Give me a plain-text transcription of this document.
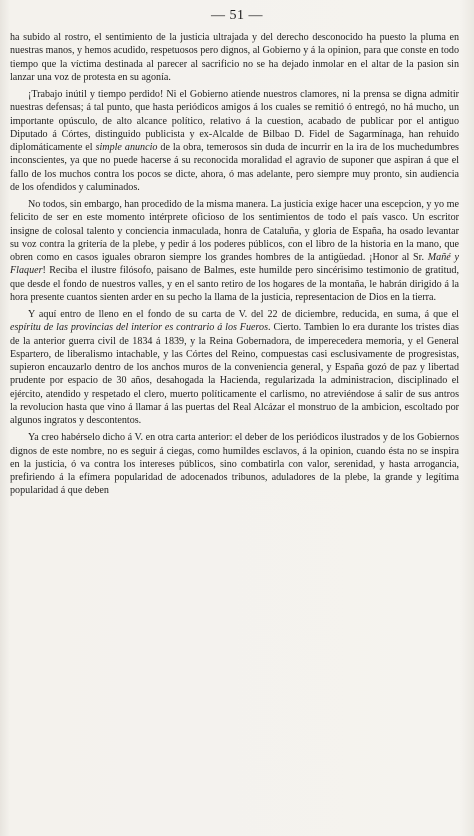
— 51 —

ha subido al rostro, el sentimiento de la justicia ultrajada y del derecho desconocido ha puesto la pluma en nuestras manos, y hemos acudido, respetuosos pero dignos, al Gobierno y á la opinion, para que conste en todo tiempo que la víctima destinada al parecer al sacrificio no se ha dejado inmolar en el altar de la pasion sin lanzar una voz de protesta en su agonía.

¡Trabajo inútil y tiempo perdido! Ni el Gobierno atiende nuestros clamores, ni la prensa se digna admitir nuestras defensas; á tal punto, que hasta periódicos amigos á los cuales se remitió ó entregó, no há mucho, un importante opúsculo, de alto alcance político, relativo á la cuestion, acabado de publicar por el antiguo Diputado á Córtes, distinguido publicista y ex-Alcalde de Bilbao D. Fidel de Sagarmínaga, han rehuido diplomáticamente el simple anuncio de la obra, temerosos sin duda de incurrir en la ira de los muchedumbres inconscientes, ya que no puede hacerse á su reconocida moralidad el agravio de suponer que aspiran á que el fallo de los muchos contra los pocos se dicte, ahora, ó mas adelante, pero siempre muy pronto, sin audiencia de los ofendidos y caluminados.

No todos, sin embargo, han procedido de la misma manera. La justicia exige hacer una escepcion, y yo me felicito de ser en este momento intérprete oficioso de los sentimientos de todo el país vasco. Un escritor insigne de colosal talento y conciencia inmaculada, honra de Cataluña, y gloria de España, ha osado levantar su voz contra la gritería de la plebe, y pedir á los poderes públicos, con el libro de la historia en la mano, que obren como en casos iguales obraron siempre los grandes hombres de la antigüedad. ¡Honor al Sr. Mañé y Flaquer! Reciba el ilustre filósofo, paisano de Balmes, este humilde pero sincérisimo testimonio de gratitud, que desde el fondo de nuestros valles, y en el santo retiro de los hogares de la montaña, le habrán dirigido á la hora presente cuantos sienten arder en su pecho la llama de la justicia, representacion de Dios en la tierra.

Y aquí entro de lleno en el fondo de su carta de V. del 22 de diciembre, reducida, en suma, á que el espíritu de las provincias del interior es contrario á los Fueros. Cierto. Tambien lo era durante los tristes dias de la anterior guerra civil de 1834 á 1839, y la Reina Gobernadora, de imperecedera memoria, y el General Espartero, de liberalismo intachable, y las Córtes del Reino, compuestas casi esclusivamente de progresistas, supieron encauzarlo dentro de los anchos muros de la conveniencia general, y España gozó de paz y libertad prudente por espacio de 30 años, desahogada la Hacienda, regularizada la administracion, disciplinado el ejército, atendido y respetado el clero, muerto políticamente el carlismo, no atreviéndose á salir de sus antros la revolucion hasta que vino á llamar á las puertas del Real Alcázar el monstruo de la ambicion, escoltado por algunos ingratos y descontentos.

Ya creo habérselo dicho á V. en otra carta anterior: el deber de los periódicos ilustrados y de los Gobiernos dignos de este nombre, no es seguir á ciegas, como humildes esclavos, á la opinion, cuando ésta no se inspira en la justicia, ó va contra los intereses públicos, sino combatirla con valor, serenidad, y hasta arrogancia, prefiriendo á la efímera popularidad de adocenados tribunos, aduladores de la plebe, la grande y legítima popularidad á que deben
